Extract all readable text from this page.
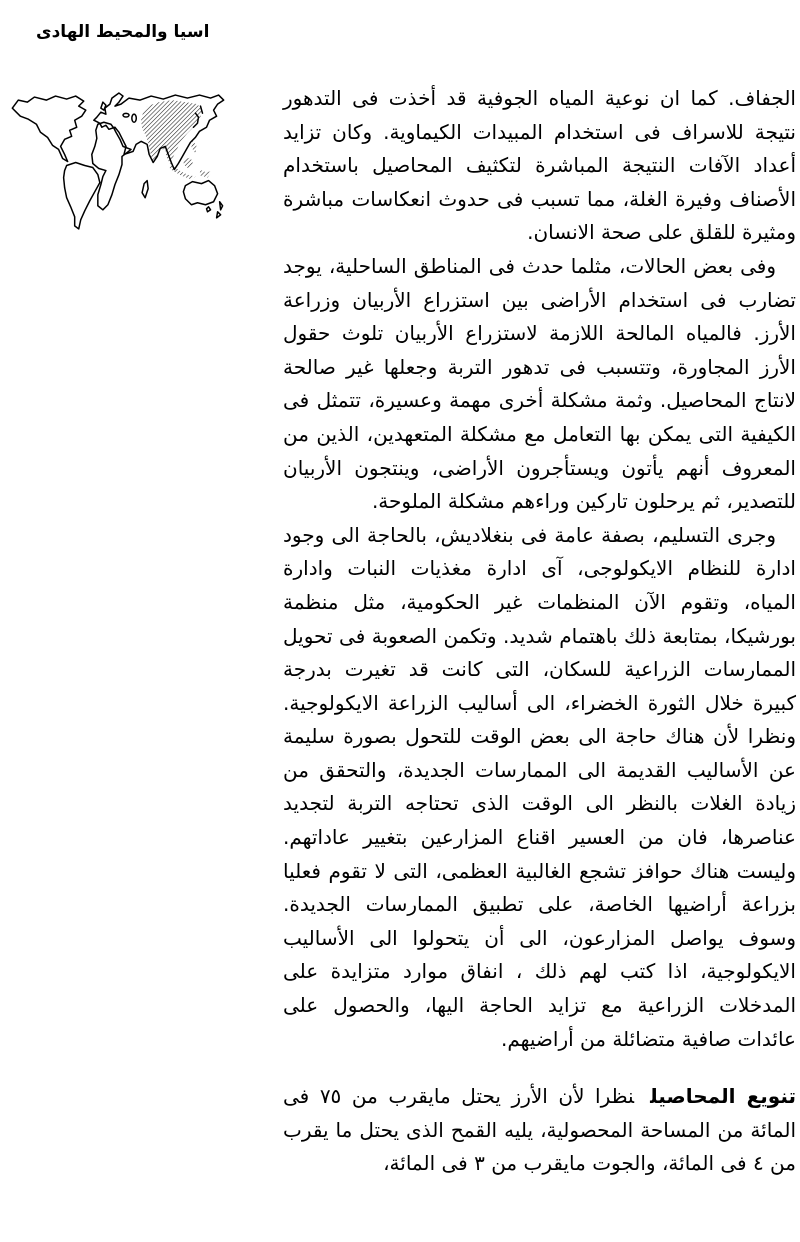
اسيا والمحيط الهادى

الجفاف. كما ان نوعية المياه الجوفية قد أخذت فى التدهور نتيجة للاسراف فى استخدام المبيدات الكيماوية. وكان تزايد أعداد الآفات النتيجة المباشرة لتكثيف المحاصيل باستخدام الأصناف وفيرة الغلة، مما تسبب فى حدوث انعكاسات مباشرة ومثيرة للقلق على صحة الانسان.

وفى بعض الحالات، مثلما حدث فى المناطق الساحلية، يوجد تضارب فى استخدام الأراضى بين استزراع الأربيان وزراعة الأرز. فالمياه المالحة اللازمة لاستزراع الأربيان تلوث حقول الأرز المجاورة، وتتسبب فى تدهور التربة وجعلها غير صالحة لانتاج المحاصيل. وثمة مشكلة أخرى مهمة وعسيرة، تتمثل فى الكيفية التى يمكن بها التعامل مع مشكلة المتعهدين، الذين من المعروف أنهم يأتون ويستأجرون الأراضى، وينتجون الأربيان للتصدير، ثم يرحلون تاركين وراءهم مشكلة الملوحة.

وجرى التسليم، بصفة عامة فى بنغلاديش، بالحاجة الى وجود ادارة للنظام الايكولوجى، آى ادارة مغذيات النبات وادارة المياه، وتقوم الآن المنظمات غير الحكومية، مثل منظمة بورشيكا، بمتابعة ذلك باهتمام شديد. وتكمن الصعوبة فى تحويل الممارسات الزراعية للسكان، التى كانت قد تغيرت بدرجة كبيرة خلال الثورة الخضراء، الى أساليب الزراعة الايكولوجية. ونظرا لأن هناك حاجة الى بعض الوقت للتحول بصورة سليمة عن الأساليب القديمة الى الممارسات الجديدة، والتحقق من زيادة الغلات بالنظر الى الوقت الذى تحتاجه التربة لتجديد عناصرها، فان من العسير اقناع المزارعين بتغيير عاداتهم. وليست هناك حوافز تشجع الغالبية العظمى، التى لا تقوم فعليا بزراعة أراضيها الخاصة، على تطبيق الممارسات الجديدة. وسوف يواصل المزارعون، الى أن يتحولوا الى الأساليب الايكولوجية، اذا كتب لهم ذلك ، انفاق موارد متزايدة على المدخلات الزراعية مع تزايد الحاجة اليها، والحصول على عائدات صافية متضائلة من أراضيهم.

تنويع المحاصيلنظرا لأن الأرز يحتل مايقرب من ٧٥ فى المائة من المساحة المحصولية، يليه القمح الذى يحتل ما يقرب من ٤ فى المائة، والجوت مايقرب من ٣ فى المائة،
